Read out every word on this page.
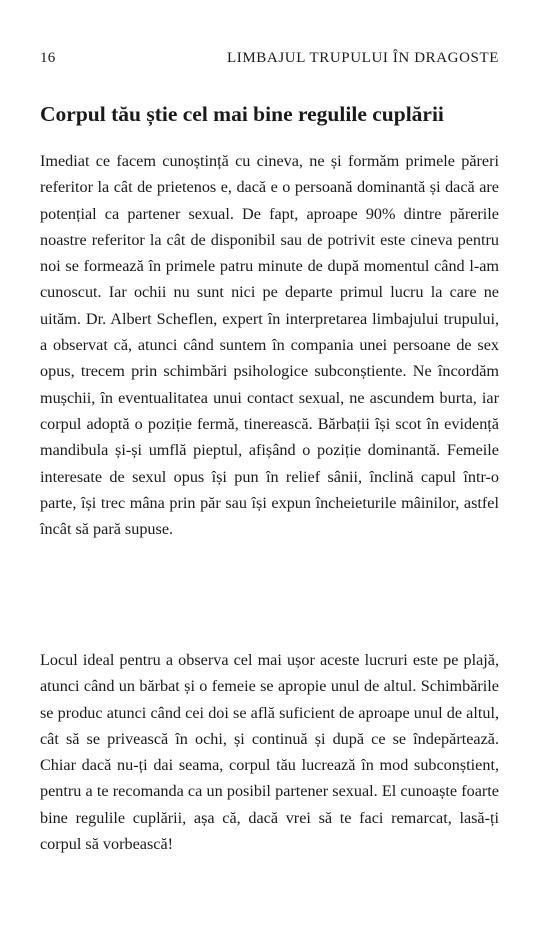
16	LIMBAJUL TRUPULUI ÎN DRAGOSTE
Corpul tău știe cel mai bine regulile cuplării

Imediat ce facem cunoștință cu cineva, ne și formăm primele păreri referitor la cât de prietenos e, dacă e o persoană dominantă și dacă are potențial ca partener sexual. De fapt, aproape 90% dintre părerile noastre referitor la cât de disponibil sau de potrivit este cineva pentru noi se formează în primele patru minute de după momentul când l-am cunoscut. Iar ochii nu sunt nici pe departe primul lucru la care ne uităm. Dr. Albert Scheflen, expert în interpretarea limbajului trupului, a observat că, atunci când suntem în compania unei persoane de sex opus, trecem prin schimbări psihologice subconștiente. Ne încordăm mușchii, în eventualitatea unui contact sexual, ne ascundem burta, iar corpul adoptă o poziție fermă, tinerească. Bărbații își scot în evidență mandibula și-și umflă pieptul, afișând o poziție dominantă. Femeile interesate de sexul opus își pun în relief sânii, înclină capul într-o parte, își trec mâna prin păr sau își expun încheieturile mâinilor, astfel încât să pară supuse.

Locul ideal pentru a observa cel mai ușor aceste lucruri este pe plajă, atunci când un bărbat și o femeie se apropie unul de altul. Schimbările se produc atunci când cei doi se află suficient de aproape unul de altul, cât să se privească în ochi, și continuă și după ce se îndepărtează. Chiar dacă nu-ți dai seama, corpul tău lucrează în mod subconștient, pentru a te recomanda ca un posibil partener sexual. El cunoaște foarte bine regulile cuplării, așa că, dacă vrei să te faci remarcat, lasă-ți corpul să vorbească!
